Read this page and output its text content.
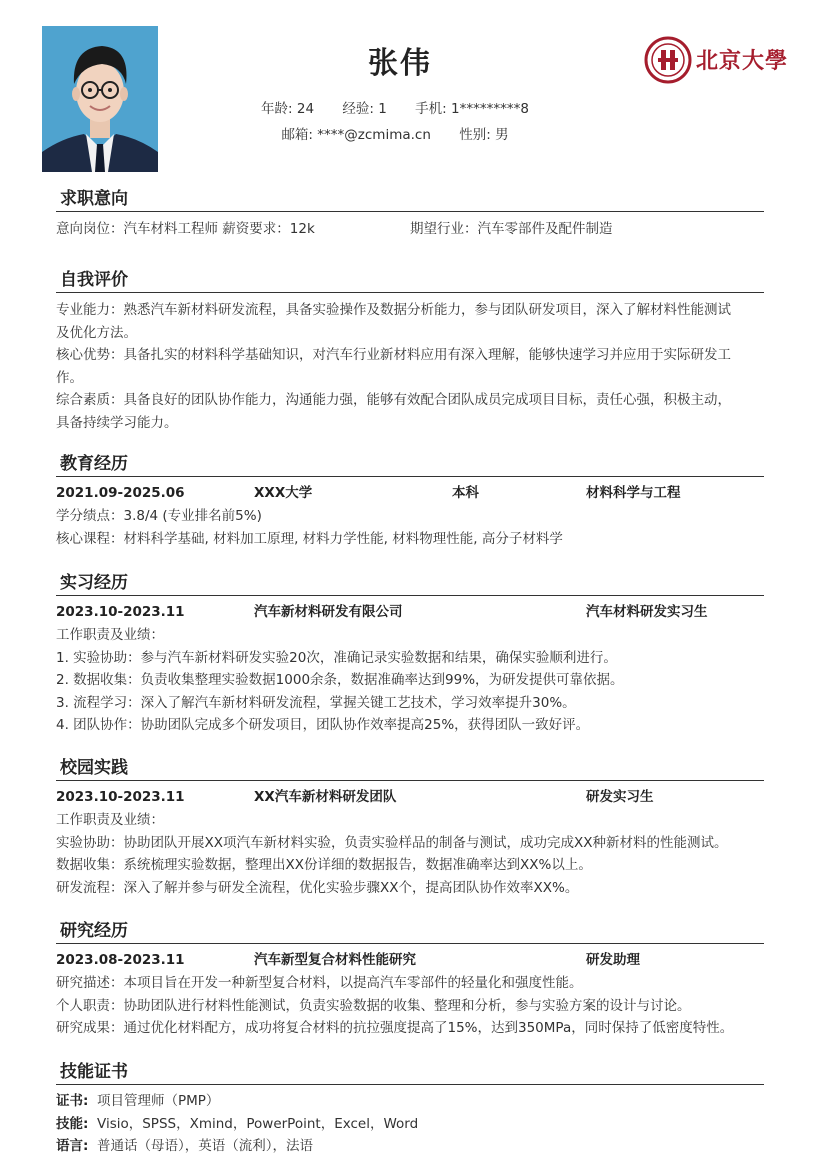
张伟
年龄: 24 经验: 1 手机: 1*********8
邮箱: ****@zcmima.cn 性别: 男
北京大學
求职意向
意向岗位：汽车材料工程师 薪资要求：12k	期望行业：汽车零部件及配件制造
自我评价
专业能力：熟悉汽车新材料研发流程，具备实验操作及数据分析能力，参与团队研发项目，深入了解材料性能测试
及优化方法。
核心优势：具备扎实的材料科学基础知识，对汽车行业新材料应用有深入理解，能够快速学习并应用于实际研发工
作。
综合素质：具备良好的团队协作能力，沟通能力强，能够有效配合团队成员完成项目目标，责任心强，积极主动，
具备持续学习能力。
教育经历
2021.09-2025.06	XXX大学	本科	材料科学与工程
学分绩点：3.8/4 (专业排名前5%)
核心课程：材料科学基础, 材料加工原理, 材料力学性能, 材料物理性能, 高分子材料学
实习经历
2023.10-2023.11	汽车新材料研发有限公司	汽车材料研发实习生
工作职责及业绩：
1. 实验协助：参与汽车新材料研发实验20次，准确记录实验数据和结果，确保实验顺利进行。
2. 数据收集：负责收集整理实验数据1000余条，数据准确率达到99%，为研发提供可靠依据。
3. 流程学习：深入了解汽车新材料研发流程，掌握关键工艺技术，学习效率提升30%。
4. 团队协作：协助团队完成多个研发项目，团队协作效率提高25%，获得团队一致好评。
校园实践
2023.10-2023.11	XX汽车新材料研发团队	研发实习生
工作职责及业绩：
实验协助：协助团队开展XX项汽车新材料实验，负责实验样品的制备与测试，成功完成XX种新材料的性能测试。
数据收集：系统梳理实验数据，整理出XX份详细的数据报告，数据准确率达到XX%以上。
研发流程：深入了解并参与研发全流程，优化实验步骤XX个，提高团队协作效率XX%。
研究经历
2023.08-2023.11	汽车新型复合材料性能研究	研发助理
研究描述：本项目旨在开发一种新型复合材料，以提高汽车零部件的轻量化和强度性能。
个人职责：协助团队进行材料性能测试，负责实验数据的收集、整理和分析，参与实验方案的设计与讨论。
研究成果：通过优化材料配方，成功将复合材料的抗拉强度提高了15%，达到350MPa，同时保持了低密度特性。
技能证书
证书: 项目管理师（PMP）
技能: Visio，SPSS，Xmind，PowerPoint，Excel，Word
语言: 普通话（母语），英语（流利），法语
